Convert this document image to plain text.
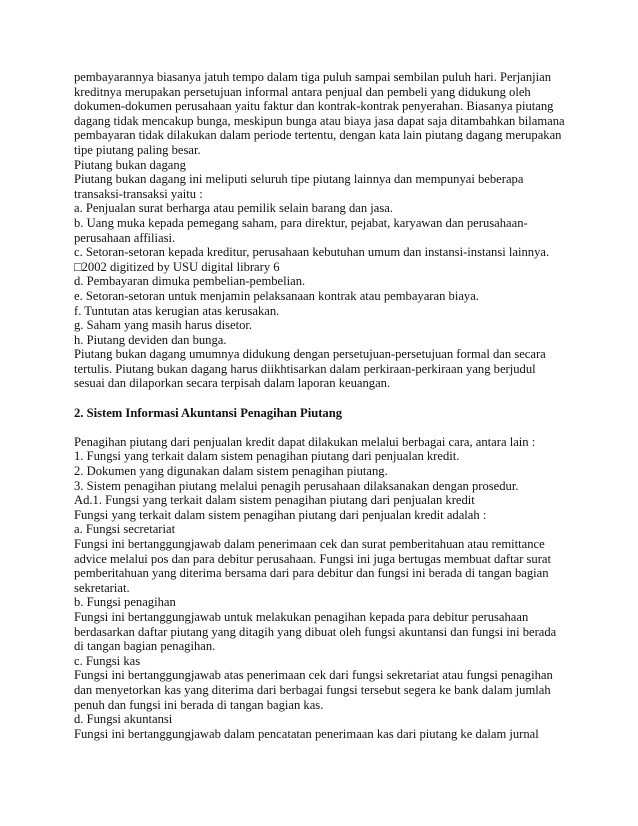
pembayarannya biasanya jatuh tempo dalam tiga puluh sampai sembilan puluh hari. Perjanjian
kreditnya merupakan persetujuan informal antara penjual dan pembeli yang didukung oleh
dokumen-dokumen perusahaan yaitu faktur dan kontrak-kontrak penyerahan. Biasanya piutang
dagang tidak mencakup bunga, meskipun bunga atau biaya jasa dapat saja ditambahkan bilamana
pembayaran tidak dilakukan dalam periode tertentu, dengan kata lain piutang dagang merupakan
tipe piutang paling besar.
Piutang bukan dagang
Piutang bukan dagang ini meliputi seluruh tipe piutang lainnya dan mempunyai beberapa
transaksi-transaksi yaitu :
a. Penjualan surat berharga atau pemilik selain barang dan jasa.
b. Uang muka kepada pemegang saham, para direktur, pejabat, karyawan dan perusahaan-
perusahaan affiliasi.
c. Setoran-setoran kepada kreditur, perusahaan kebutuhan umum dan instansi-instansi lainnya.
□2002 digitized by USU digital library 6
d. Pembayaran dimuka pembelian-pembelian.
e. Setoran-setoran untuk menjamin pelaksanaan kontrak atau pembayaran biaya.
f. Tuntutan atas kerugian atas kerusakan.
g. Saham yang masih harus disetor.
h. Piutang deviden dan bunga.
Piutang bukan dagang umumnya didukung dengan persetujuan-persetujuan formal dan secara
tertulis. Piutang bukan dagang harus diikhtisarkan dalam perkiraan-perkiraan yang berjudul
sesuai dan dilaporkan secara terpisah dalam laporan keuangan.
2. Sistem Informasi Akuntansi Penagihan Piutang
Penagihan piutang dari penjualan kredit dapat dilakukan melalui berbagai cara, antara lain :
1. Fungsi yang terkait dalam sistem penagihan piutang dari penjualan kredit.
2. Dokumen yang digunakan dalam sistem penagihan piutang.
3. Sistem penagihan piutang melalui penagih perusahaan dilaksanakan dengan prosedur.
Ad.1. Fungsi yang terkait dalam sistem penagihan piutang dari penjualan kredit
Fungsi yang terkait dalam sistem penagihan piutang dari penjualan kredit adalah :
a. Fungsi secretariat
Fungsi ini bertanggungjawab dalam penerimaan cek dan surat pemberitahuan atau remittance
advice melalui pos dan para debitur perusahaan. Fungsi ini juga bertugas membuat daftar surat
pemberitahuan yang diterima bersama dari para debitur dan fungsi ini berada di tangan bagian
sekretariat.
b. Fungsi penagihan
Fungsi ini bertanggungjawab untuk melakukan penagihan kepada para debitur perusahaan
berdasarkan daftar piutang yang ditagih yang dibuat oleh fungsi akuntansi dan fungsi ini berada
di tangan bagian penagihan.
c. Fungsi kas
Fungsi ini bertanggungjawab atas penerimaan cek dari fungsi sekretariat atau fungsi penagihan
dan menyetorkan kas yang diterima dari berbagai fungsi tersebut segera ke bank dalam jumlah
penuh dan fungsi ini berada di tangan bagian kas.
d. Fungsi akuntansi
Fungsi ini bertanggungjawab dalam pencatatan penerimaan kas dari piutang ke dalam jurnal
